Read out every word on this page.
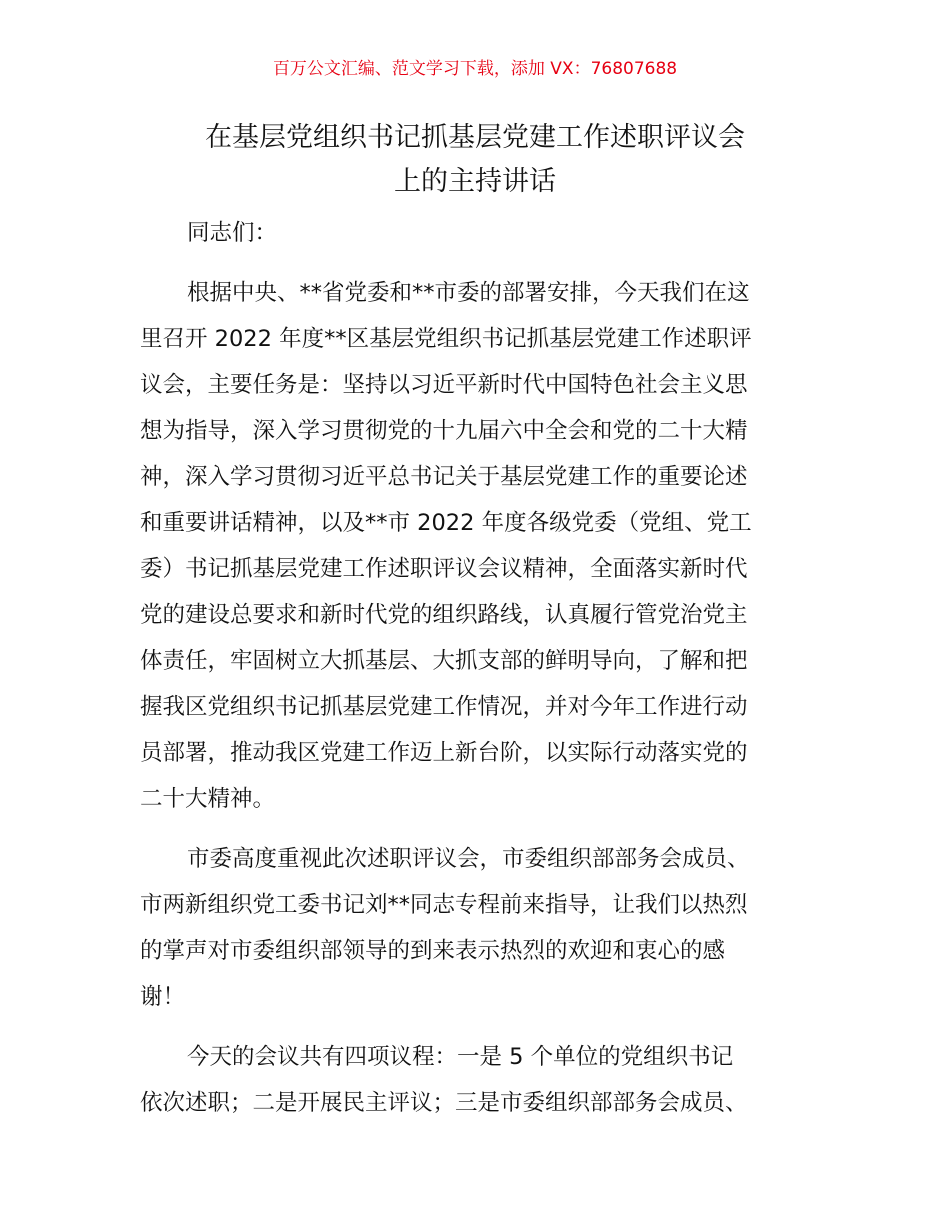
百万公文汇编、范文学习下载，添加 VX：76807688
在基层党组织书记抓基层党建工作述职评议会
上的主持讲话
同志们：
根据中央、**省党委和**市委的部署安排，今天我们在这
里召开 2022 年度**区基层党组织书记抓基层党建工作述职评
议会，主要任务是：坚持以习近平新时代中国特色社会主义思
想为指导，深入学习贯彻党的十九届六中全会和党的二十大精
神，深入学习贯彻习近平总书记关于基层党建工作的重要论述
和重要讲话精神，以及**市 2022 年度各级党委（党组、党工
委）书记抓基层党建工作述职评议会议精神，全面落实新时代
党的建设总要求和新时代党的组织路线，认真履行管党治党主
体责任，牢固树立大抓基层、大抓支部的鲜明导向，了解和把
握我区党组织书记抓基层党建工作情况，并对今年工作进行动
员部署，推动我区党建工作迈上新台阶，以实际行动落实党的
二十大精神。
市委高度重视此次述职评议会，市委组织部部务会成员、
市两新组织党工委书记刘**同志专程前来指导，让我们以热烈
的掌声对市委组织部领导的到来表示热烈的欢迎和衷心的感
谢！
今天的会议共有四项议程：一是 5 个单位的党组织书记
依次述职；二是开展民主评议；三是市委组织部部务会成员、
